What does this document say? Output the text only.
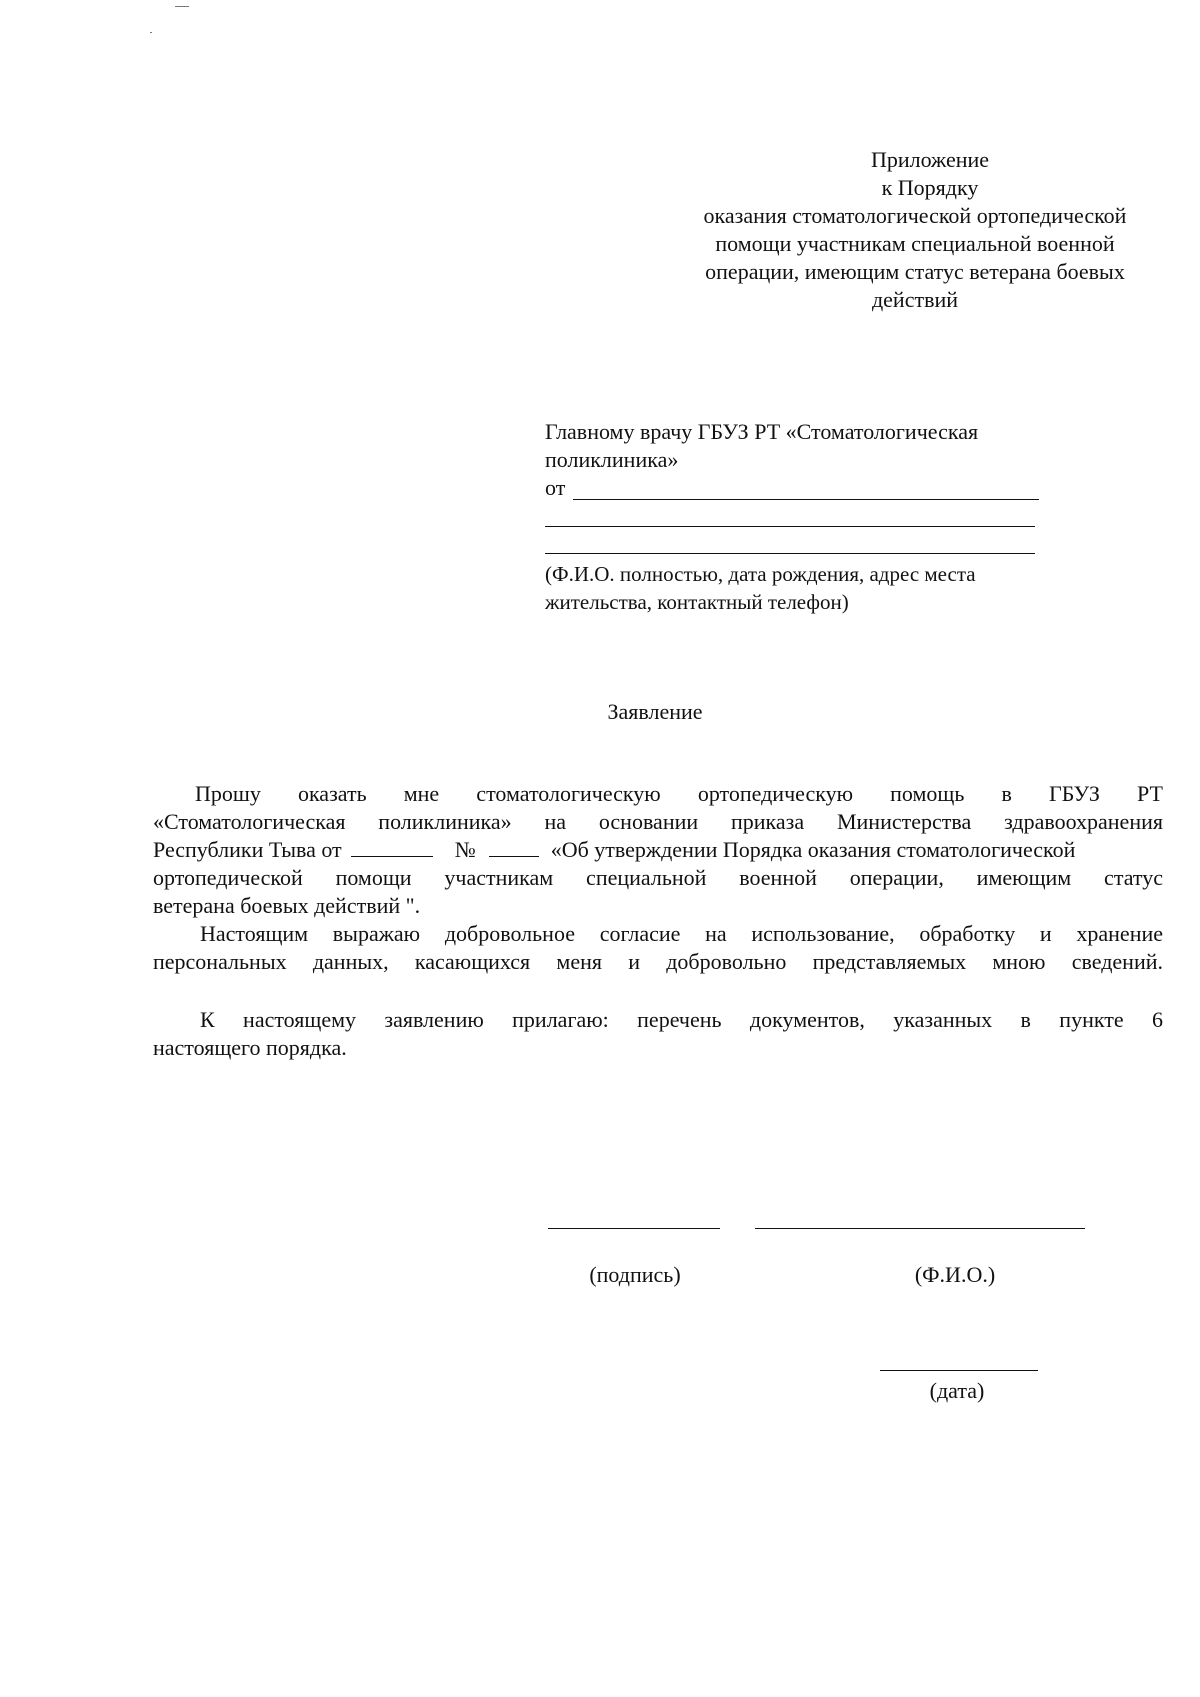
Приложение
к Порядку
оказания стоматологической ортопедической
помощи участникам специальной военной
операции, имеющим статус ветерана боевых
действий
Главному врачу ГБУЗ РТ «Стоматологическая
поликлиника»
от
(Ф.И.О. полностью, дата рождения, адрес места
жительства, контактный телефон)
Заявление
Прошу оказать мне стоматологическую ортопедическую помощь в ГБУЗ РТ
«Стоматологическая поликлиника» на основании приказа Министерства здравоохранения
Республики Тыва от	№	«Об утверждении Порядка оказания стоматологической
ортопедической помощи участникам специальной военной операции, имеющим статус
ветерана боевых действий ".
Настоящим выражаю добровольное согласие на использование, обработку и хранение
персональных данных, касающихся меня и добровольно представляемых мною сведений.
К настоящему заявлению прилагаю: перечень документов, указанных в пункте 6
настоящего порядка.
(подпись)	(Ф.И.О.)
(дата)
